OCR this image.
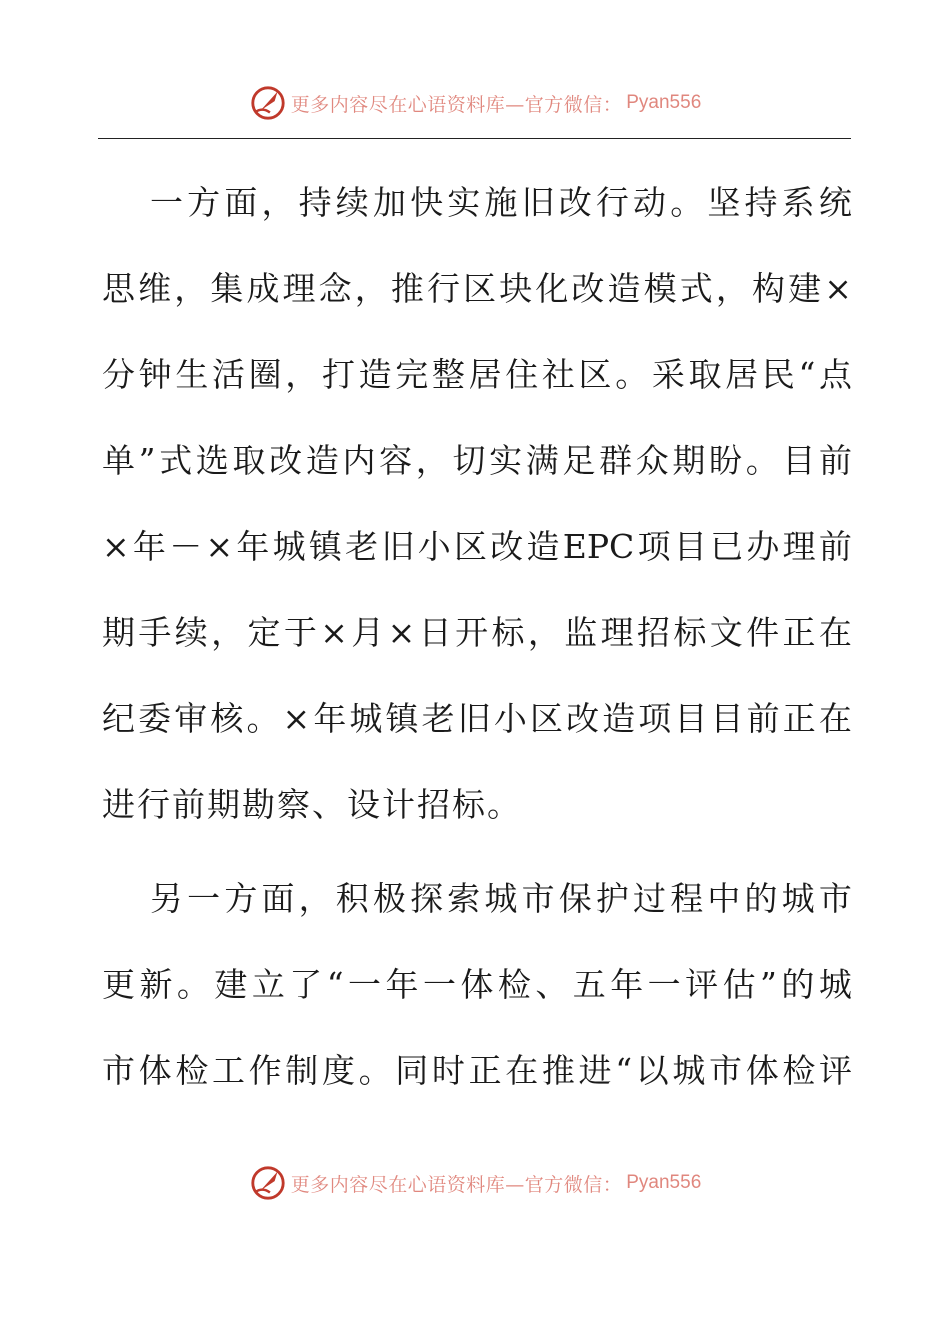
更多内容尽在心语资料库—官方微信： Pyan556
一 方 面 ， 持 续 加 快 实 施 旧 改 行 动 。 坚 持 系 统
思 维 ， 集 成 理 念 ， 推 行 区 块 化 改 造 模 式 ， 构 建 ×
分 钟 生 活 圈 ， 打 造 完 整 居 住 社 区 。 采 取 居 民 “ 点
单 ” 式 选 取 改 造 内 容 ， 切 实 满 足 群 众 期 盼 。 目 前
× 年 － × 年 城 镇 老 旧 小 区 改 造 EPC 项 目 已 办 理 前
期 手 续 ， 定 于 × 月 × 日 开 标 ， 监 理 招 标 文 件 正 在
纪 委 审 核 。 × 年 城 镇 老 旧 小 区 改 造 项 目 目 前 正 在
进行前期勘察、设计招标。
另 一 方 面 ， 积 极 探 索 城 市 保 护 过 程 中 的 城 市
更 新 。 建 立 了 “ 一 年 一 体 检 、 五 年 一 评 估 ” 的 城
市 体 检 工 作 制 度 。 同 时 正 在 推 进 “ 以 城 市 体 检 评
更多内容尽在心语资料库—官方微信： Pyan556
